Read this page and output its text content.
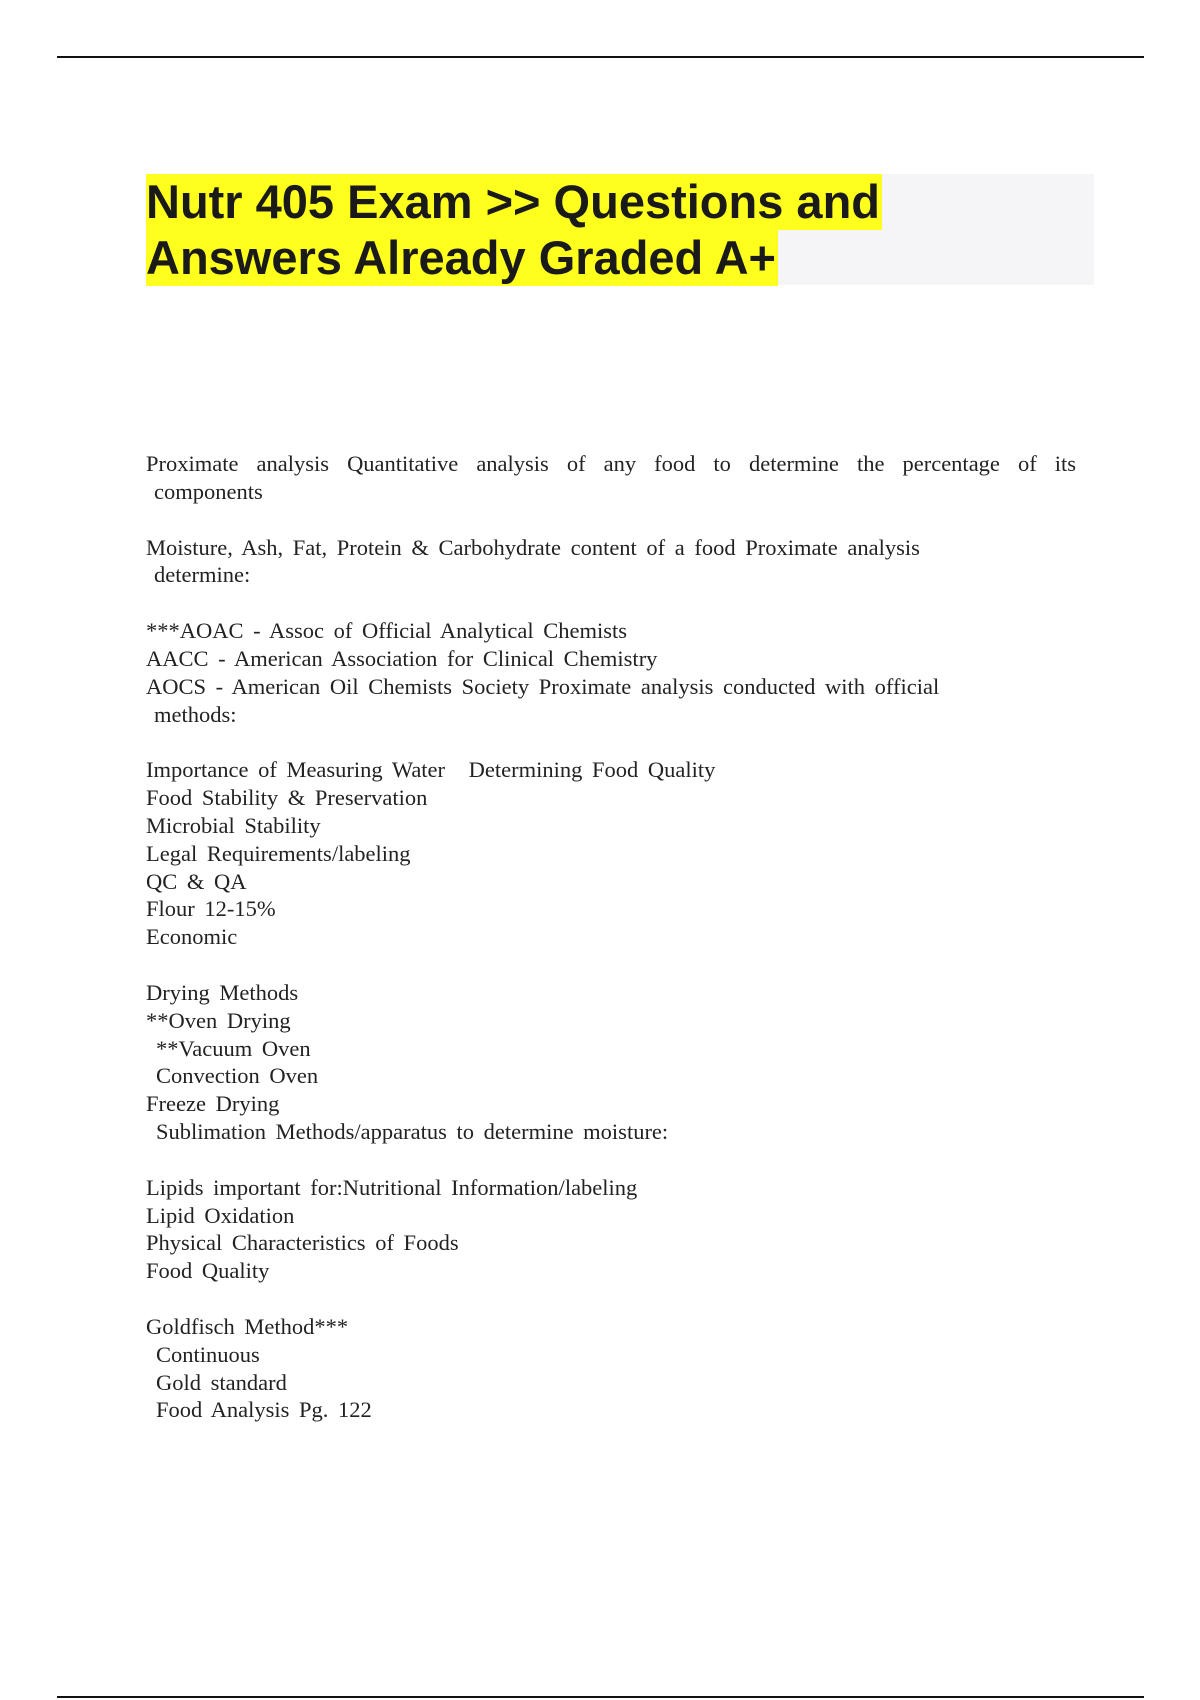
Nutr 405 Exam >> Questions and
Answers Already Graded A+
Proximate analysis Quantitative analysis of any food to determine the percentage of its
components
Moisture, Ash, Fat, Protein & Carbohydrate content of a food Proximate analysis
determine:
***AOAC - Assoc of Official Analytical Chemists
AACC - American Association for Clinical Chemistry
AOCS - American Oil Chemists Society Proximate analysis conducted with official
methods:
Importance of Measuring Water Determining Food Quality
Food Stability & Preservation
Microbial Stability
Legal Requirements/labeling
QC & QA
Flour 12-15%
Economic
Drying Methods
**Oven Drying
**Vacuum Oven
Convection Oven
Freeze Drying
Sublimation Methods/apparatus to determine moisture:
Lipids important for:Nutritional Information/labeling
Lipid Oxidation
Physical Characteristics of Foods
Food Quality
Goldfisch Method***
Continuous
Gold standard
Food Analysis Pg. 122
